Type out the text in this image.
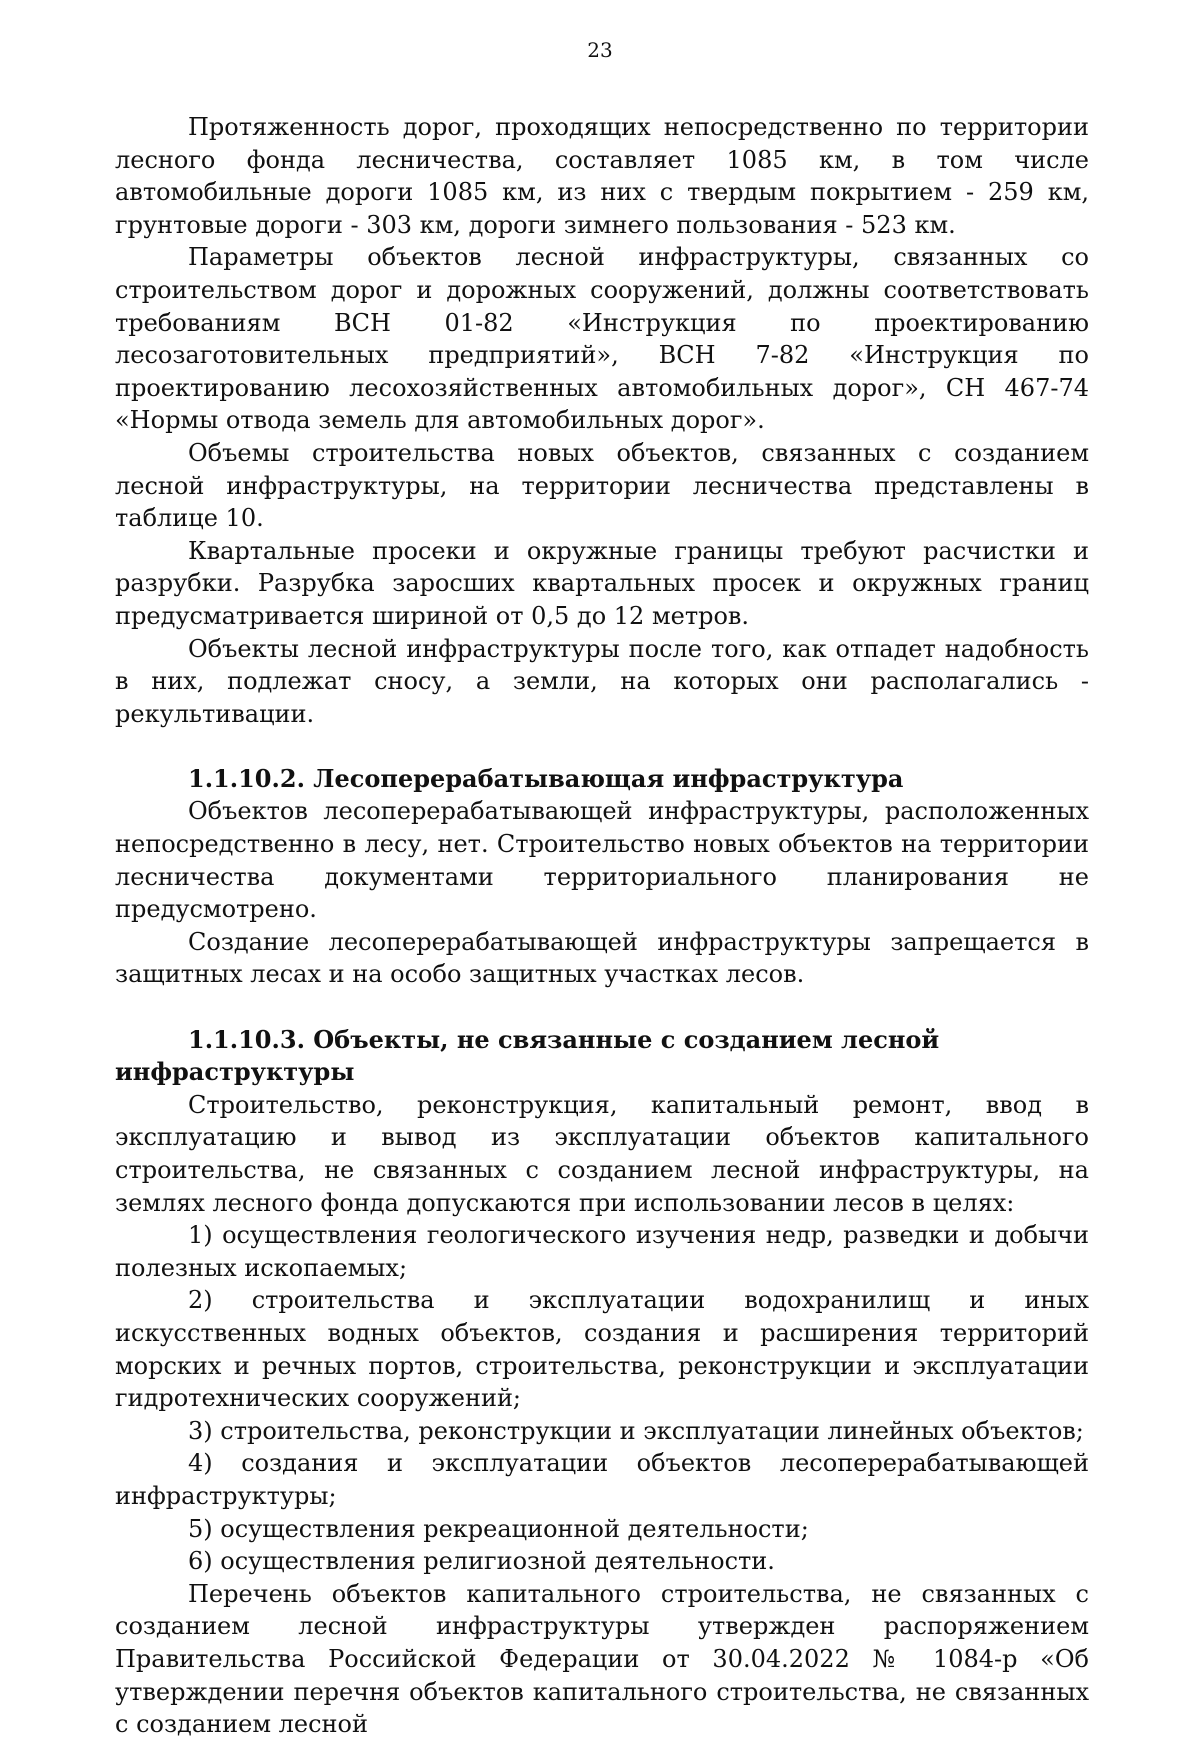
23

Протяженность дорог, проходящих непосредственно по территории лесного фонда лесничества, составляет 1085 км, в том числе автомобильные дороги 1085 км, из них с твердым покрытием - 259 км, грунтовые дороги - 303 км, дороги зимнего пользования - 523 км.

Параметры объектов лесной инфраструктуры, связанных со строительством дорог и дорожных сооружений, должны соответствовать требованиям ВСН 01-82 «Инструкция по проектированию лесозаготовительных предприятий», ВСН 7-82 «Инструкция по проектированию лесохозяйственных автомобильных дорог», СН 467-74 «Нормы отвода земель для автомобильных дорог».

Объемы строительства новых объектов, связанных с созданием лесной инфраструктуры, на территории лесничества представлены в таблице 10.

Квартальные просеки и окружные границы требуют расчистки и разрубки. Разрубка заросших квартальных просек и окружных границ предусматривается шириной от 0,5 до 12 метров.

Объекты лесной инфраструктуры после того, как отпадет надобность в них, подлежат сносу, а земли, на которых они располагались - рекультивации.

1.1.10.2. Лесоперерабатывающая инфраструктура

Объектов лесоперерабатывающей инфраструктуры, расположенных непосредственно в лесу, нет. Строительство новых объектов на территории лесничества документами территориального планирования не предусмотрено.

Создание лесоперерабатывающей инфраструктуры запрещается в защитных лесах и на особо защитных участках лесов.

1.1.10.3. Объекты, не связанные с созданием лесной инфраструктуры

Строительство, реконструкция, капитальный ремонт, ввод в эксплуатацию и вывод из эксплуатации объектов капитального строительства, не связанных с созданием лесной инфраструктуры, на землях лесного фонда допускаются при использовании лесов в целях:

1) осуществления геологического изучения недр, разведки и добычи полезных ископаемых;

2) строительства и эксплуатации водохранилищ и иных искусственных водных объектов, создания и расширения территорий морских и речных портов, строительства, реконструкции и эксплуатации гидротехнических сооружений;

3) строительства, реконструкции и эксплуатации линейных объектов;

4) создания и эксплуатации объектов лесоперерабатывающей инфраструктуры;

5) осуществления рекреационной деятельности;

6) осуществления религиозной деятельности.

Перечень объектов капитального строительства, не связанных с созданием лесной инфраструктуры утвержден распоряжением Правительства Российской Федерации от 30.04.2022 № 1084-р «Об утверждении перечня объектов капитального строительства, не связанных с созданием лесной
